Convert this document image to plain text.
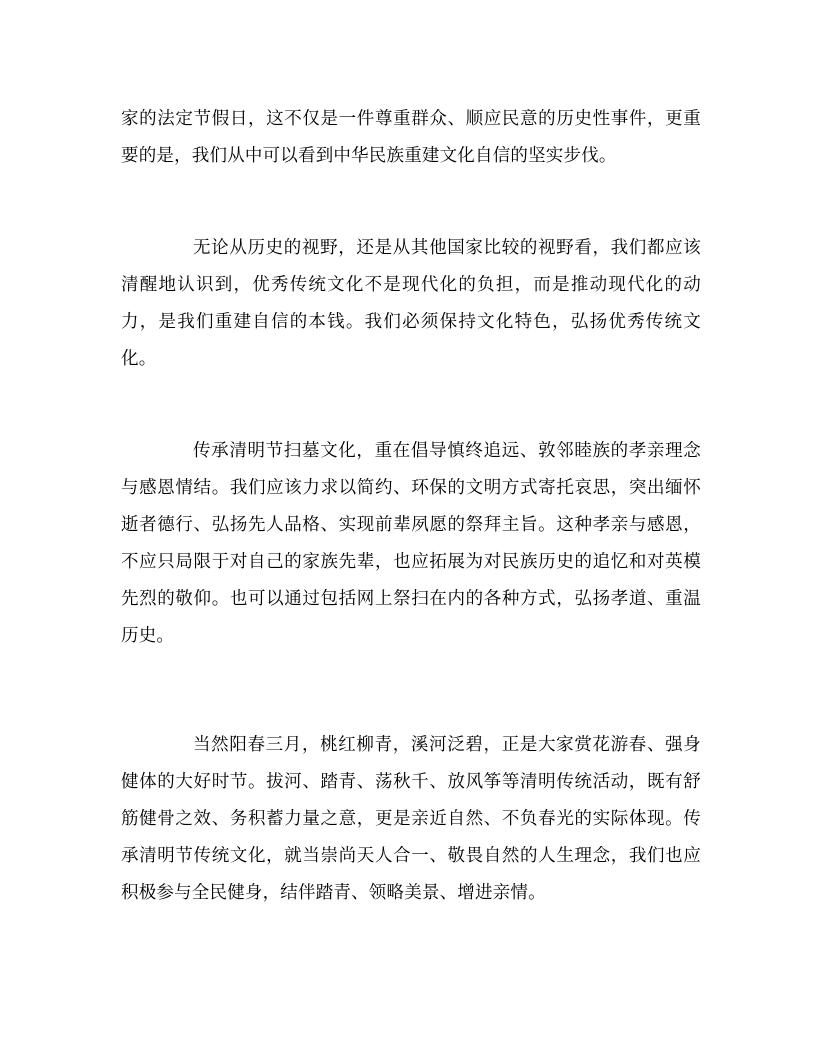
家的法定节假日，这不仅是一件尊重群众、顺应民意的历史性事件，更重要的是，我们从中可以看到中华民族重建文化自信的坚实步伐。

无论从历史的视野，还是从其他国家比较的视野看，我们都应该清醒地认识到，优秀传统文化不是现代化的负担，而是推动现代化的动力，是我们重建自信的本钱。我们必须保持文化特色，弘扬优秀传统文化。

传承清明节扫墓文化，重在倡导慎终追远、敦邻睦族的孝亲理念与感恩情结。我们应该力求以简约、环保的文明方式寄托哀思，突出缅怀逝者德行、弘扬先人品格、实现前辈夙愿的祭拜主旨。这种孝亲与感恩，不应只局限于对自己的家族先辈，也应拓展为对民族历史的追忆和对英模先烈的敬仰。也可以通过包括网上祭扫在内的各种方式，弘扬孝道、重温历史。

当然阳春三月，桃红柳青，溪河泛碧，正是大家赏花游春、强身健体的大好时节。拔河、踏青、荡秋千、放风筝等清明传统活动，既有舒筋健骨之效、务积蓄力量之意，更是亲近自然、不负春光的实际体现。传承清明节传统文化，就当崇尚天人合一、敬畏自然的人生理念，我们也应积极参与全民健身，结伴踏青、领略美景、增进亲情。
